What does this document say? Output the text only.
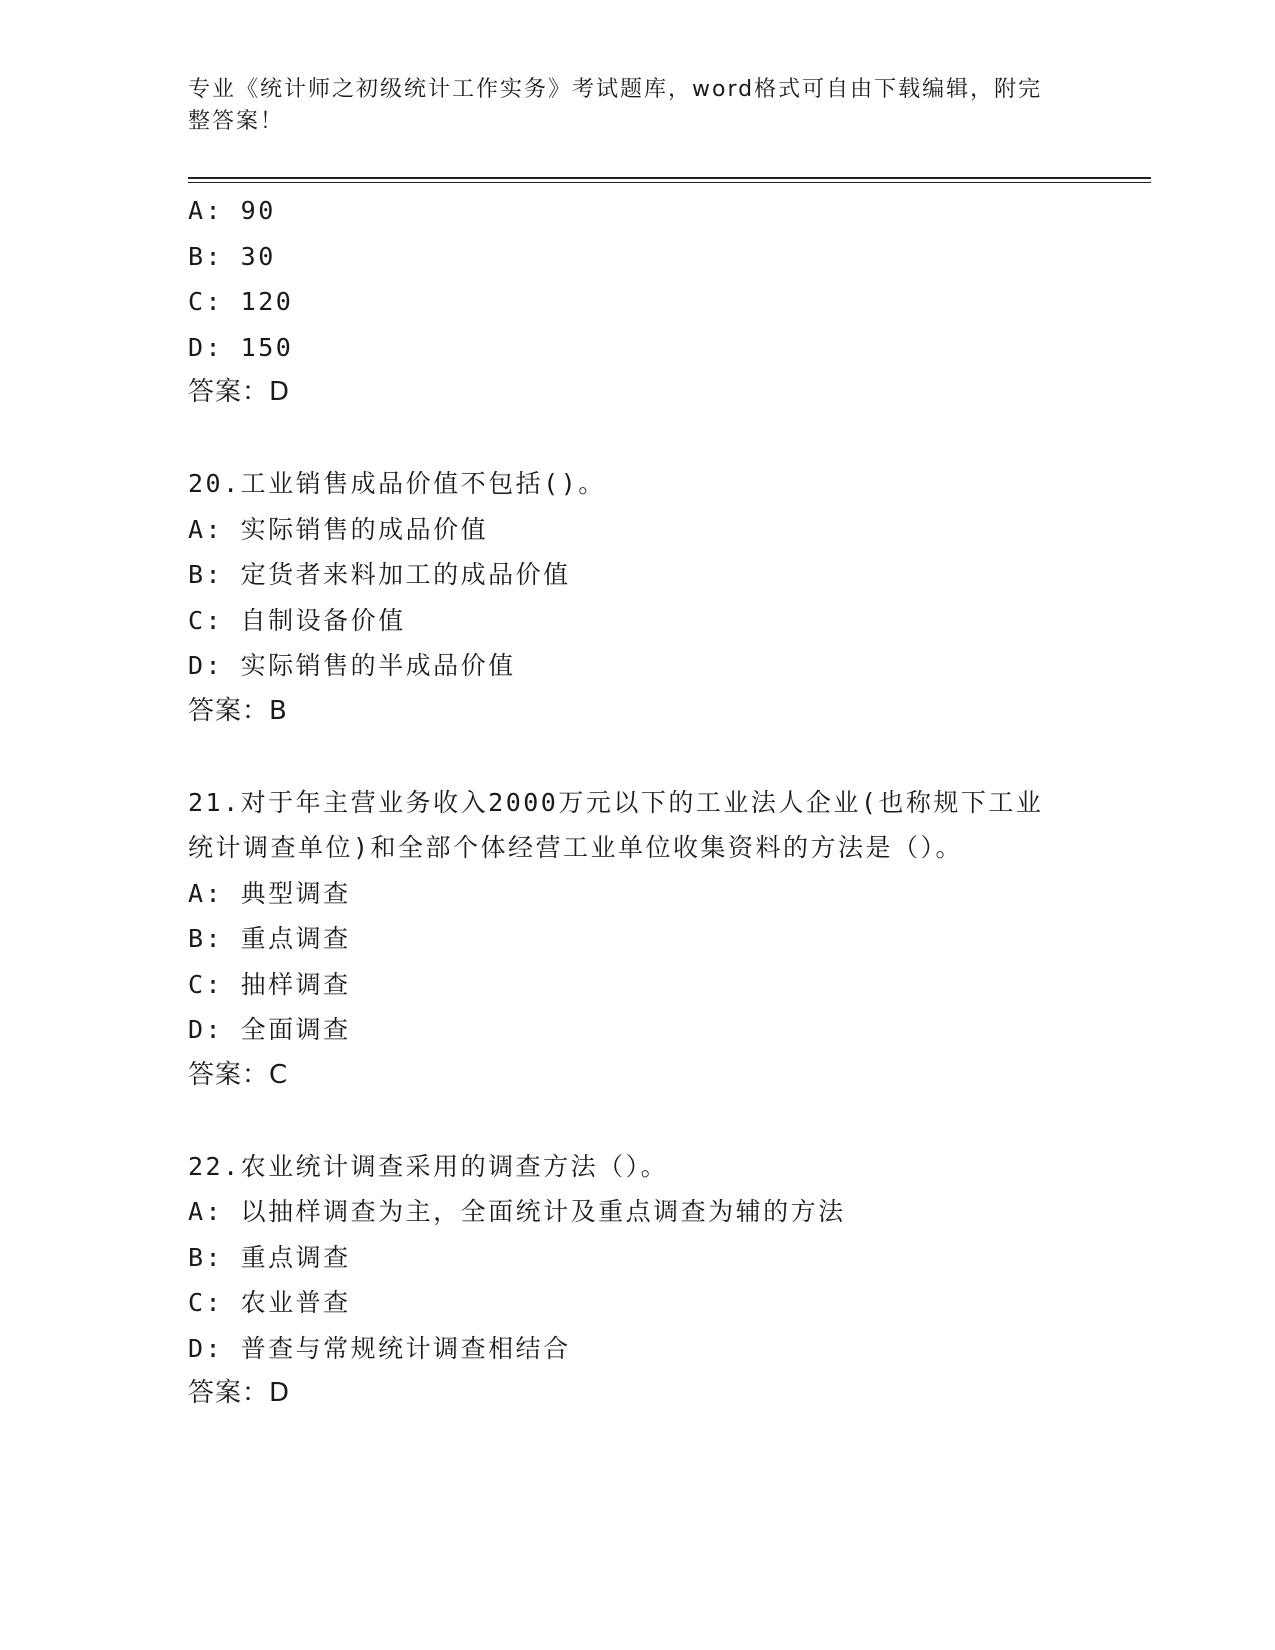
专业《统计师之初级统计工作实务》考试题库，word格式可自由下载编辑，附完
整答案！
A: 90
B: 30
C: 120
D: 150
答案：D
20.工业销售成品价值不包括()。
A: 实际销售的成品价值
B: 定货者来料加工的成品价值
C: 自制设备价值
D: 实际销售的半成品价值
答案：B
21.对于年主营业务收入2000万元以下的工业法人企业(也称规下工业
统计调查单位)和全部个体经营工业单位收集资料的方法是（）。
A: 典型调查
B: 重点调查
C: 抽样调查
D: 全面调查
答案：C
22.农业统计调查采用的调查方法（）。
A: 以抽样调查为主，全面统计及重点调查为辅的方法
B: 重点调查
C: 农业普查
D: 普查与常规统计调查相结合
答案：D
